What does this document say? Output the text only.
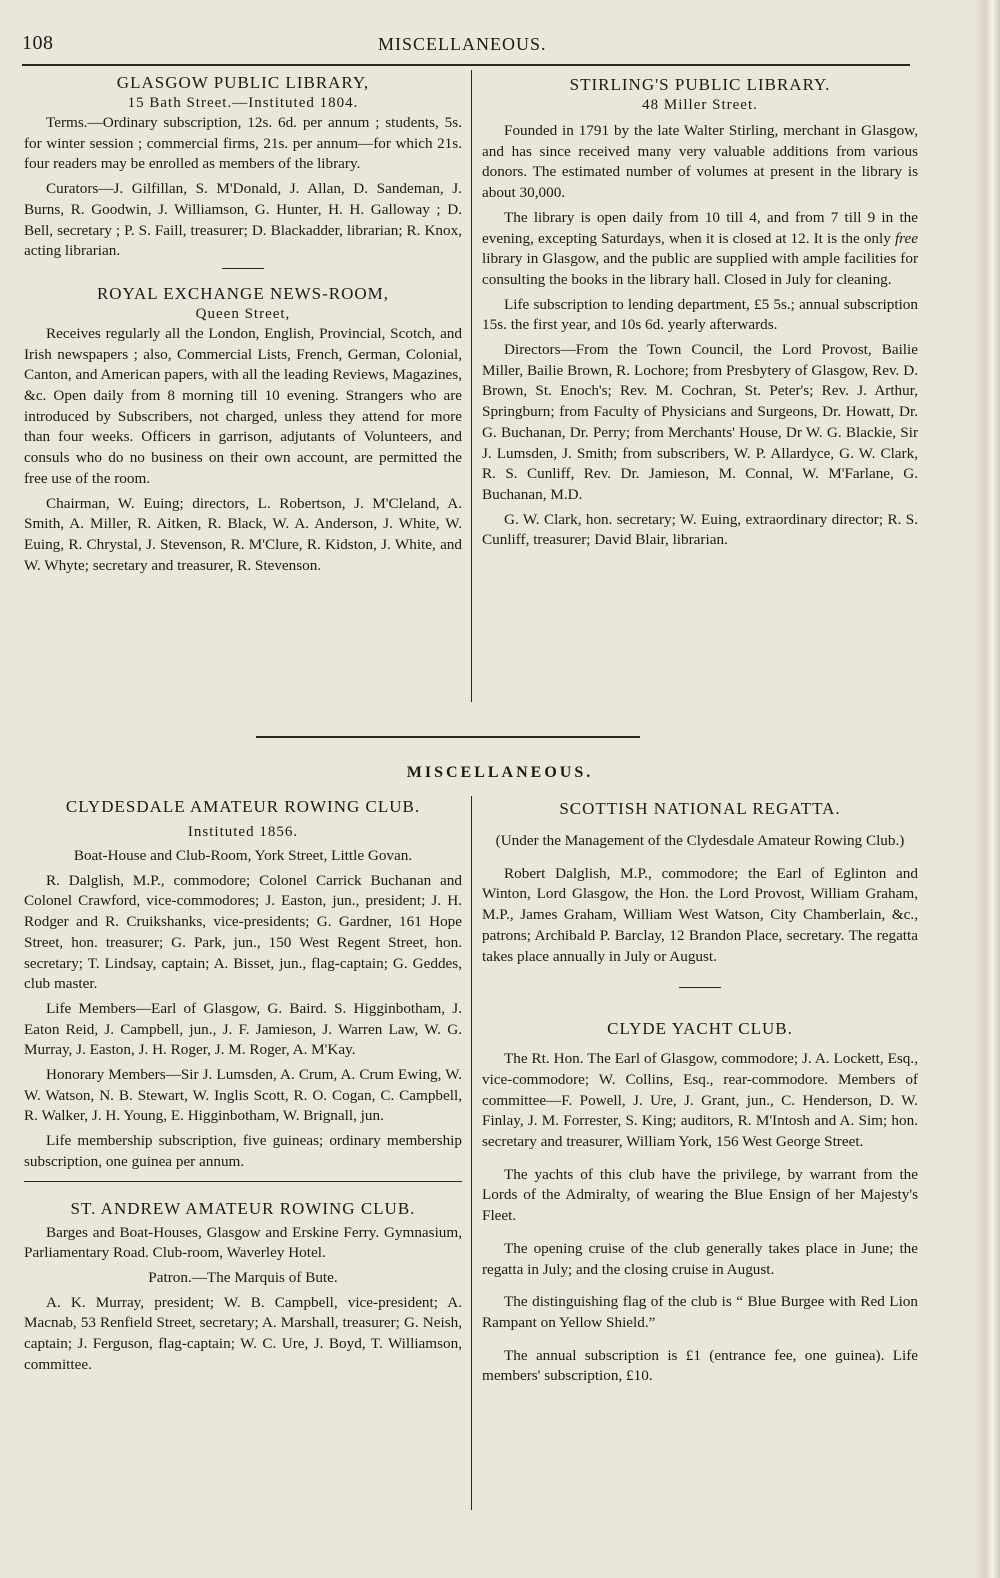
108	MISCELLANEOUS.

GLASGOW PUBLIC LIBRARY,

15 Bath Street.—Instituted 1804.

Terms.—Ordinary subscription, 12s. 6d. per annum ; students, 5s. for winter session ; commercial firms, 21s. per annum—for which 21s. four readers may be enrolled as members of the library.

Curators—J. Gilfillan, S. M'Donald, J. Allan, D. Sandeman, J. Burns, R. Goodwin, J. Williamson, G. Hunter, H. H. Galloway ; D. Bell, secretary ; P. S. Faill, treasurer; D. Blackadder, librarian; R. Knox, acting librarian.

ROYAL EXCHANGE NEWS-ROOM,

Queen Street,

Receives regularly all the London, English, Provincial, Scotch, and Irish newspapers ; also, Commercial Lists, French, German, Colonial, Canton, and American papers, with all the leading Reviews, Magazines, &c. Open daily from 8 morning till 10 evening. Strangers who are introduced by Subscribers, not charged, unless they attend for more than four weeks. Officers in garrison, adjutants of Volunteers, and consuls who do no business on their own account, are permitted the free use of the room.

Chairman, W. Euing; directors, L. Robertson, J. M'Cleland, A. Smith, A. Miller, R. Aitken, R. Black, W. A. Anderson, J. White, W. Euing, R. Chrystal, J. Stevenson, R. M'Clure, R. Kidston, J. White, and W. Whyte; secretary and treasurer, R. Stevenson.

STIRLING'S PUBLIC LIBRARY.

48 Miller Street.

Founded in 1791 by the late Walter Stirling, merchant in Glasgow, and has since received many very valuable additions from various donors. The estimated number of volumes at present in the library is about 30,000.

The library is open daily from 10 till 4, and from 7 till 9 in the evening, excepting Saturdays, when it is closed at 12. It is the only free library in Glasgow, and the public are supplied with ample facilities for consulting the books in the library hall. Closed in July for cleaning.

Life subscription to lending department, £5 5s.; annual subscription 15s. the first year, and 10s 6d. yearly afterwards.

Directors—From the Town Council, the Lord Provost, Bailie Miller, Bailie Brown, R. Lochore; from Presbytery of Glasgow, Rev. D. Brown, St. Enoch's; Rev. M. Cochran, St. Peter's; Rev. J. Arthur, Springburn; from Faculty of Physicians and Surgeons, Dr. Howatt, Dr. G. Buchanan, Dr. Perry; from Merchants' House, Dr W. G. Blackie, Sir J. Lumsden, J. Smith; from subscribers, W. P. Allardyce, G. W. Clark, R. S. Cunliff, Rev. Dr. Jamieson, M. Connal, W. M'Farlane, G. Buchanan, M.D.

G. W. Clark, hon. secretary; W. Euing, extraordinary director; R. S. Cunliff, treasurer; David Blair, librarian.

MISCELLANEOUS.

CLYDESDALE AMATEUR ROWING CLUB.

Instituted 1856.

Boat-House and Club-Room, York Street, Little Govan.

R. Dalglish, M.P., commodore; Colonel Carrick Buchanan and Colonel Crawford, vice-commodores; J. Easton, jun., president; J. H. Rodger and R. Cruikshanks, vice-presidents; G. Gardner, 161 Hope Street, hon. treasurer; G. Park, jun., 150 West Regent Street, hon. secretary; T. Lindsay, captain; A. Bisset, jun., flag-captain; G. Geddes, club master.

Life Members—Earl of Glasgow, G. Baird. S. Higginbotham, J. Eaton Reid, J. Campbell, jun., J. F. Jamieson, J. Warren Law, W. G. Murray, J. Easton, J. H. Roger, J. M. Roger, A. M'Kay.

Honorary Members—Sir J. Lumsden, A. Crum, A. Crum Ewing, W. W. Watson, N. B. Stewart, W. Inglis Scott, R. O. Cogan, C. Campbell, R. Walker, J. H. Young, E. Higginbotham, W. Brignall, jun.

Life membership subscription, five guineas; ordinary membership subscription, one guinea per annum.

ST. ANDREW AMATEUR ROWING CLUB.

Barges and Boat-Houses, Glasgow and Erskine Ferry. Gymnasium, Parliamentary Road. Club-room, Waverley Hotel.

Patron.—The Marquis of Bute.

A. K. Murray, president; W. B. Campbell, vice-president; A. Macnab, 53 Renfield Street, secretary; A. Marshall, treasurer; G. Neish, captain; J. Ferguson, flag-captain; W. C. Ure, J. Boyd, T. Williamson, committee.

SCOTTISH NATIONAL REGATTA.

(Under the Management of the Clydesdale Amateur Rowing Club.)

Robert Dalglish, M.P., commodore; the Earl of Eglinton and Winton, Lord Glasgow, the Hon. the Lord Provost, William Graham, M.P., James Graham, William West Watson, City Chamberlain, &c., patrons; Archibald P. Barclay, 12 Brandon Place, secretary. The regatta takes place annually in July or August.

CLYDE YACHT CLUB.

The Rt. Hon. The Earl of Glasgow, commodore; J. A. Lockett, Esq., vice-commodore; W. Collins, Esq., rear-commodore. Members of committee—F. Powell, J. Ure, J. Grant, jun., C. Henderson, D. W. Finlay, J. M. Forrester, S. King; auditors, R. M'Intosh and A. Sim; hon. secretary and treasurer, William York, 156 West George Street.

The yachts of this club have the privilege, by warrant from the Lords of the Admiralty, of wearing the Blue Ensign of her Majesty's Fleet.

The opening cruise of the club generally takes place in June; the regatta in July; and the closing cruise in August.

The distinguishing flag of the club is “ Blue Burgee with Red Lion Rampant on Yellow Shield.”

The annual subscription is £1 (entrance fee, one guinea). Life members' subscription, £10.
